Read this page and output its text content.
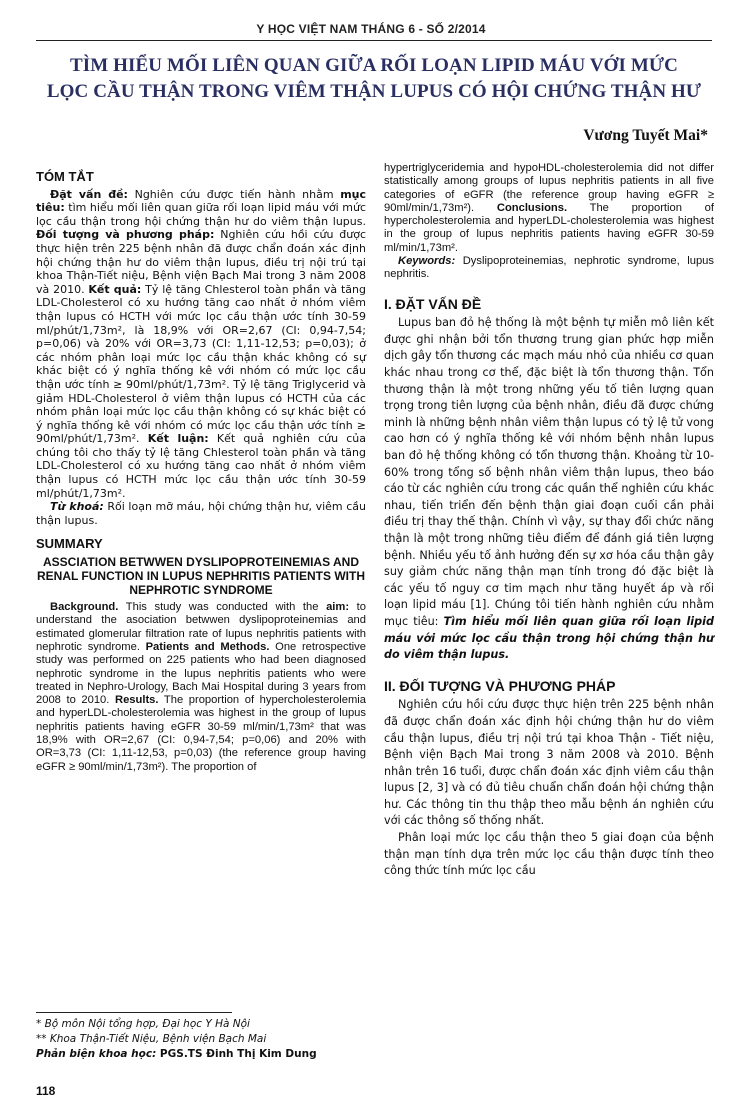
Y HỌC VIỆT NAM THÁNG 6 - SỐ 2/2014
TÌM HIỂU MỐI LIÊN QUAN GIỮA RỐI LOẠN LIPID MÁU VỚI MỨC
LỌC CẦU THẬN TRONG VIÊM THẬN LUPUS CÓ HỘI CHỨNG THẬN HƯ
Vương Tuyết Mai*
TÓM TẮT

Đặt vấn đề: Nghiên cứu được tiến hành nhằm mục tiêu: tìm hiểu mối liên quan giữa rối loạn lipid máu với mức lọc cầu thận trong hội chứng thận hư do viêm thận lupus. Đối tượng và phương pháp: Nghiên cứu hồi cứu được thực hiện trên 225 bệnh nhân đã được chẩn đoán xác định hội chứng thận hư do viêm thận lupus, điều trị nội trú tại khoa Thận-Tiết niệu, Bệnh viện Bạch Mai trong 3 năm 2008 và 2010. Kết quả: Tỷ lệ tăng Chlesterol toàn phần và tăng LDL-Cholesterol có xu hướng tăng cao nhất ở nhóm viêm thận lupus có HCTH với mức lọc cầu thận ước tính 30-59 ml/phút/1,73m², là 18,9% với OR=2,67 (CI: 0,94-7,54; p=0,06) và 20% với OR=3,73 (CI: 1,11-12,53; p=0,03); ở các nhóm phân loại mức lọc cầu thận khác không có sự khác biệt có ý nghĩa thống kê với nhóm có mức lọc cầu thận ước tính ≥ 90ml/phút/1,73m². Tỷ lệ tăng Triglycerid và giảm HDL-Cholesterol ở viêm thận lupus có HCTH của các nhóm phân loại mức lọc cầu thận không có sự khác biệt có ý nghĩa thống kê với nhóm có mức lọc cầu thận ước tính ≥ 90ml/phút/1,73m². Kết luận: Kết quả nghiên cứu của chúng tôi cho thấy tỷ lệ tăng Chlesterol toàn phần và tăng LDL-Cholesterol có xu hướng tăng cao nhất ở nhóm viêm thận lupus có HCTH mức lọc cầu thận ước tính 30-59 ml/phút/1,73m².

Từ khoá: Rối loạn mỡ máu, hội chứng thận hư, viêm cầu thận lupus.

SUMMARY
ASSCIATION BETWWEN DYSLIPOPROTEINEMIAS AND RENAL FUNCTION IN LUPUS NEPHRITIS PATIENTS WITH NEPHROTIC SYNDROME

Background. This study was conducted with the aim: to understand the asociation betwwen dyslipoproteinemias and estimated glomerular filtration rate of lupus nephritis patients with nephrotic syndrome. Patients and Methods. One retrospective study was performed on 225 patients who had been diagnosed nephrotic syndrome in the lupus nephritis patients who were treated in Nephro-Urology, Bach Mai Hospital during 3 years from 2008 to 2010. Results. The proportion of hypercholesterolemia and hyperLDL-cholesterolemia was highest in the group of lupus nephritis patients having eGFR 30-59 ml/min/1,73m² that was 18,9% with OR=2,67 (CI: 0,94-7,54; p=0,06) and 20% with OR=3,73 (CI: 1,11-12,53, p=0,03) (the reference group having eGFR ≥ 90ml/min/1,73m²). The proportion of

hypertriglyceridemia and hypoHDL-cholesterolemia did not differ statistically among groups of lupus nephritis patients in all five categories of eGFR (the reference group having eGFR ≥ 90ml/min/1,73m²). Conclusions. The proportion of hypercholesterolemia and hyperLDL-cholesterolemia was highest in the group of lupus nephritis patients having eGFR 30-59 ml/min/1,73m².

Keywords: Dyslipoproteinemias, nephrotic syndrome, lupus nephritis.

I. ĐẶT VẤN ĐỀ

Lupus ban đỏ hệ thống là một bệnh tự miễn mô liên kết được ghi nhận bởi tổn thương trung gian phức hợp miễn dịch gây tổn thương các mạch máu nhỏ của nhiều cơ quan khác nhau trong cơ thể, đặc biệt là tổn thương thận. Tổn thương thận là một trong những yếu tố tiên lượng quan trọng trong tiên lượng của bệnh nhân, điều đã được chứng minh là những bệnh nhân viêm thận lupus có tỷ lệ tử vong cao hơn có ý nghĩa thống kê với nhóm bệnh nhân lupus ban đỏ hệ thống không có tổn thương thận. Khoảng từ 10-60% trong tổng số bệnh nhân viêm thận lupus, theo báo cáo từ các nghiên cứu trong các quần thể nghiên cứu khác nhau, tiến triển đến bệnh thận giai đoạn cuối cần phải điều trị thay thế thận. Chính vì vậy, sự thay đổi chức năng thận là một trong những tiêu điểm để đánh giá tiên lượng bệnh. Nhiều yếu tố ảnh hưởng đến sự xơ hóa cầu thận gây suy giảm chức năng thận mạn tính trong đó đặc biệt là các yếu tố nguy cơ tim mạch như tăng huyết áp và rối loạn lipid máu [1]. Chúng tôi tiến hành nghiên cứu nhằm mục tiêu: Tìm hiểu mối liên quan giữa rối loạn lipid máu với mức lọc cầu thận trong hội chứng thận hư do viêm thận lupus.

II. ĐỐI TƯỢNG VÀ PHƯƠNG PHÁP

Nghiên cứu hồi cứu được thực hiện trên 225 bệnh nhân đã được chẩn đoán xác định hội chứng thận hư do viêm cầu thận lupus, điều trị nội trú tại khoa Thận - Tiết niệu, Bệnh viện Bạch Mai trong 3 năm 2008 và 2010. Bệnh nhân trên 16 tuổi, được chẩn đoán xác định viêm cầu thận lupus [2, 3] và có đủ tiêu chuẩn chẩn đoán hội chứng thận hư. Các thông tin thu thập theo mẫu bệnh án nghiên cứu với các thông số thống nhất.

Phân loại mức lọc cầu thận theo 5 giai đoạn của bệnh thận mạn tính dựa trên mức lọc cầu thận được tính theo công thức tính mức lọc cầu

* Bộ môn Nội tổng hợp, Đại học Y Hà Nội
** Khoa Thận-Tiết Niệu, Bệnh viện Bạch Mai
Phản biện khoa học: PGS.TS Đinh Thị Kim Dung
118
